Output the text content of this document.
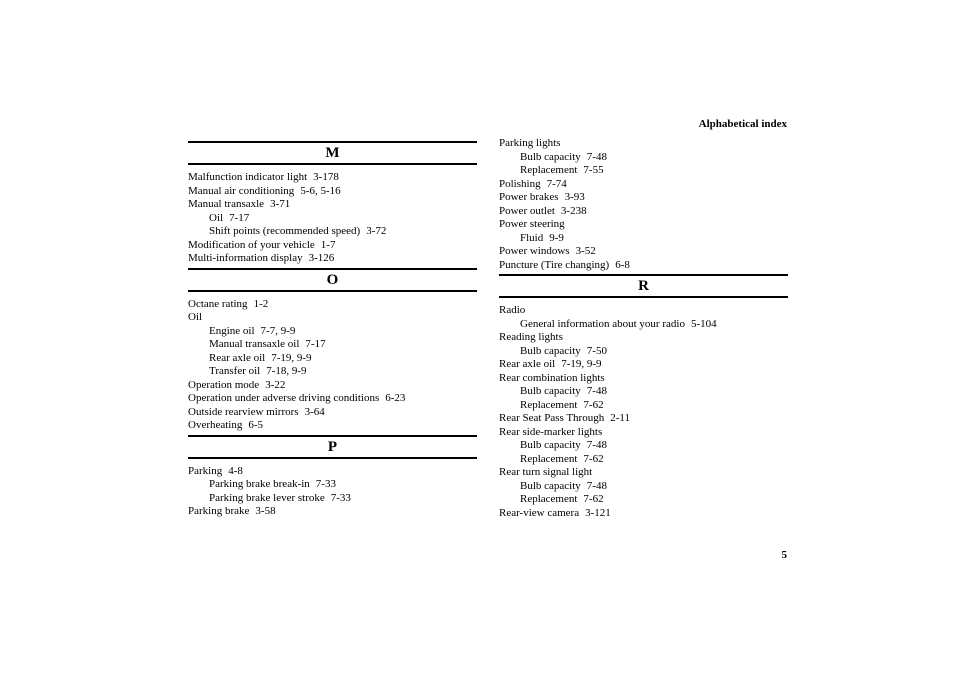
Alphabetical index
M
Malfunction indicator light 3-178
Manual air conditioning 5-6, 5-16
Manual transaxle 3-71
Oil 7-17
Shift points (recommended speed) 3-72
Modification of your vehicle 1-7
Multi-information display 3-126
O
Octane rating 1-2
Oil
Engine oil 7-7, 9-9
Manual transaxle oil 7-17
Rear axle oil 7-19, 9-9
Transfer oil 7-18, 9-9
Operation mode 3-22
Operation under adverse driving conditions 6-23
Outside rearview mirrors 3-64
Overheating 6-5
P
Parking 4-8
Parking brake break-in 7-33
Parking brake lever stroke 7-33
Parking brake 3-58
Parking lights
Bulb capacity 7-48
Replacement 7-55
Polishing 7-74
Power brakes 3-93
Power outlet 3-238
Power steering
Fluid 9-9
Power windows 3-52
Puncture (Tire changing) 6-8
R
Radio
General information about your radio 5-104
Reading lights
Bulb capacity 7-50
Rear axle oil 7-19, 9-9
Rear combination lights
Bulb capacity 7-48
Replacement 7-62
Rear Seat Pass Through 2-11
Rear side-marker lights
Bulb capacity 7-48
Replacement 7-62
Rear turn signal light
Bulb capacity 7-48
Replacement 7-62
Rear-view camera 3-121
5
